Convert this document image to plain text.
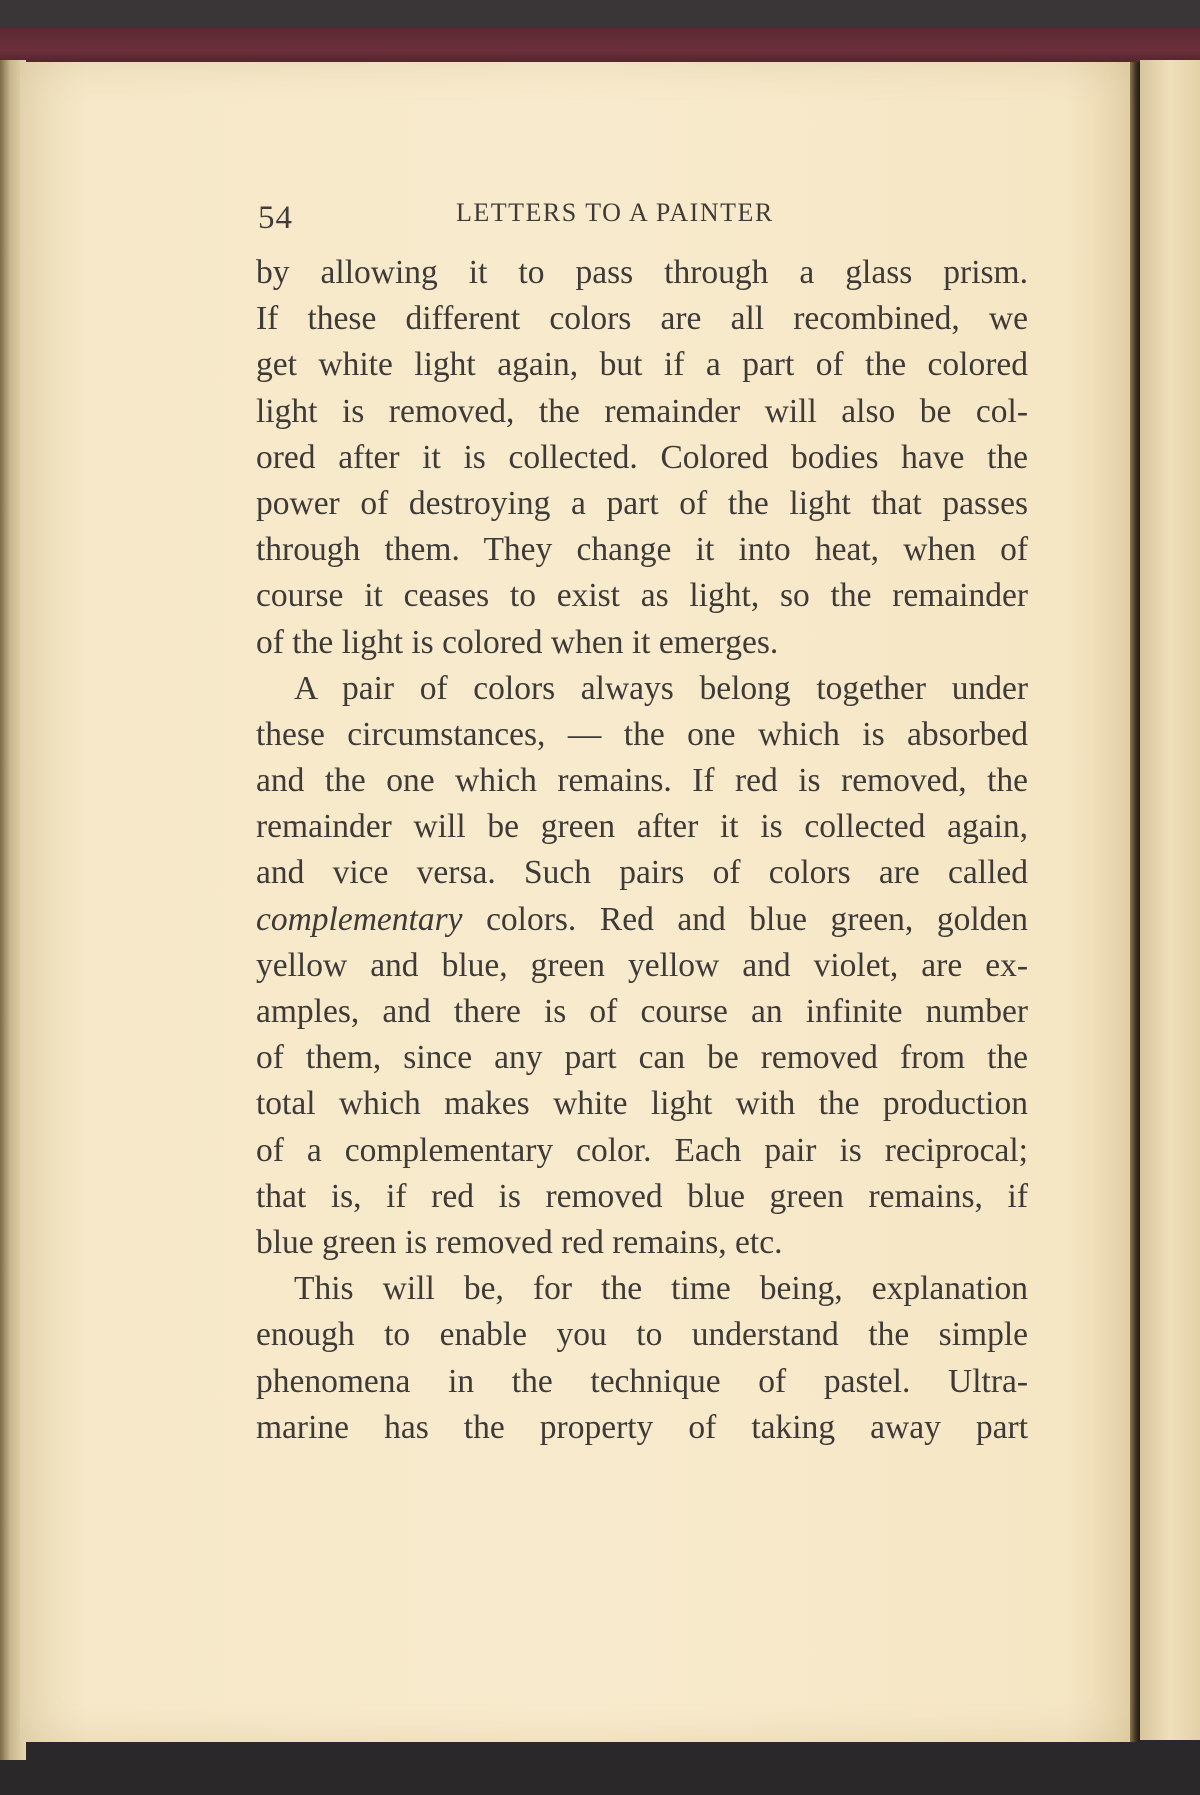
54	LETTERS TO A PAINTER

by allowing it to pass through a glass prism.
If these different colors are all recombined, we
get white light again, but if a part of the colored
light is removed, the remainder will also be col-
ored after it is collected. Colored bodies have the
power of destroying a part of the light that passes
through them. They change it into heat, when of
course it ceases to exist as light, so the remainder
of the light is colored when it emerges.

A pair of colors always belong together under
these circumstances, — the one which is absorbed
and the one which remains. If red is removed, the
remainder will be green after it is collected again,
and vice versa. Such pairs of colors are called
complementary colors. Red and blue green, golden
yellow and blue, green yellow and violet, are ex-
amples, and there is of course an infinite number
of them, since any part can be removed from the
total which makes white light with the production
of a complementary color. Each pair is reciprocal;
that is, if red is removed blue green remains, if
blue green is removed red remains, etc.

This will be, for the time being, explanation
enough to enable you to understand the simple
phenomena in the technique of pastel. Ultra-
marine has the property of taking away part
